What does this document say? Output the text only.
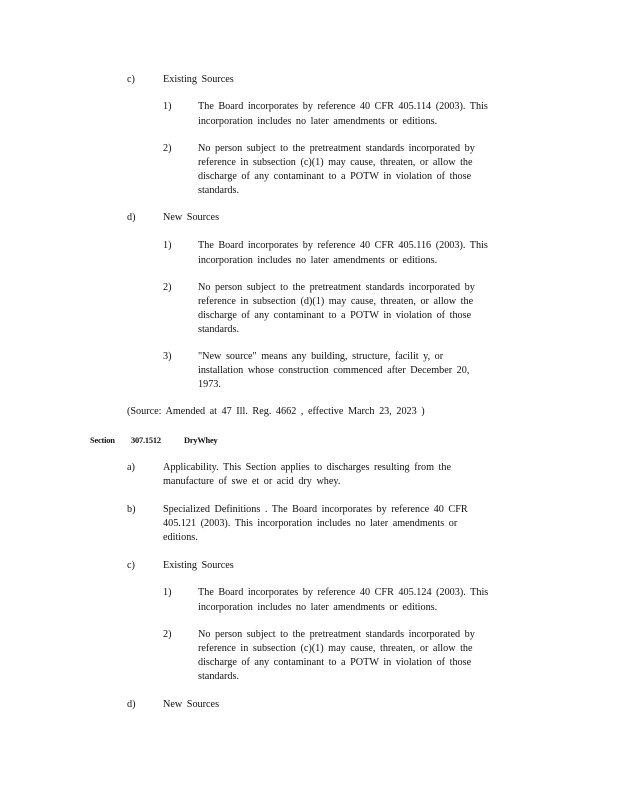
c)	Existing Sources

1)	The Board incorporates by reference 40 CFR 405.114 (2003). This

incorporation includes no later amendments or editions.

2)	No person subject to the pretreatment standards incorporated by

reference in subsection (c)(1) may cause, threaten, or allow the

discharge of any contaminant to a POTW in violation of those

standards.

d)	New Sources

1)	The Board incorporates by reference 40 CFR 405.116 (2003). This

incorporation includes no later amendments or editions.

2)	No person subject to the pretreatment standards incorporated by

reference in subsection (d)(1) may cause, threaten, or allow the

discharge of any contaminant to a POTW in violation of those

standards.

3)	"New source" means any building, structure, facilit y, or

installation whose construction commenced after December 20,

1973.

(Source: Amended at 47 Ill. Reg. 4662 , effective March 23, 2023 )

Section 307.1512	DryWhey

a)	Applicability. This Section applies to discharges resulting from the

manufacture of swe et or acid dry whey.

b)	Specialized Definitions . The Board incorporates by reference 40 CFR

405.121 (2003). This incorporation includes no later amendments or

editions.

c)	Existing Sources

1)	The Board incorporates by reference 40 CFR 405.124 (2003). This

incorporation includes no later amendments or editions.

2)	No person subject to the pretreatment standards incorporated by

reference in subsection (c)(1) may cause, threaten, or allow the

discharge of any contaminant to a POTW in violation of those

standards.

d)	New Sources
